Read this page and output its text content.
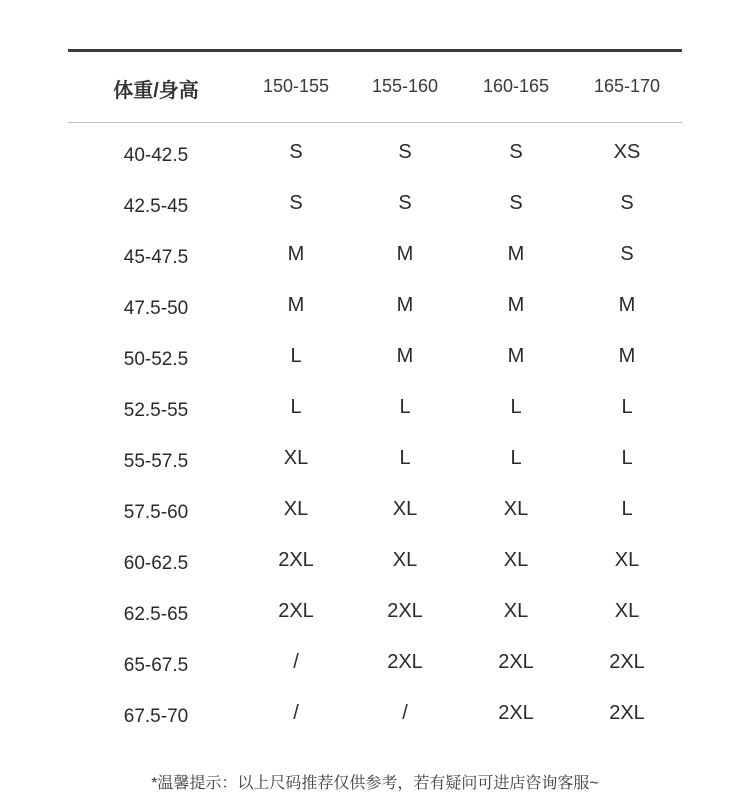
体重/身高	150-155 155-160 160-165 165-170
40-42.5	S	S	S	XS
42.5-45	S	S	S	S
45-47.5	M	M	M	S
47.5-50	M	M	M	M
50-52.5	L	M	M	M
52.5-55	L	L	L	L
55-57.5	XL	L	L	L
57.5-60	XL	XL	XL	L
60-62.5	2XL	XL	XL	XL
62.5-65	2XL	2XL	XL	XL
65-67.5	/	2XL	2XL	2XL
67.5-70	/	/	2XL	2XL
*温馨提示：以上尺码推荐仅供参考，若有疑问可进店咨询客服~
